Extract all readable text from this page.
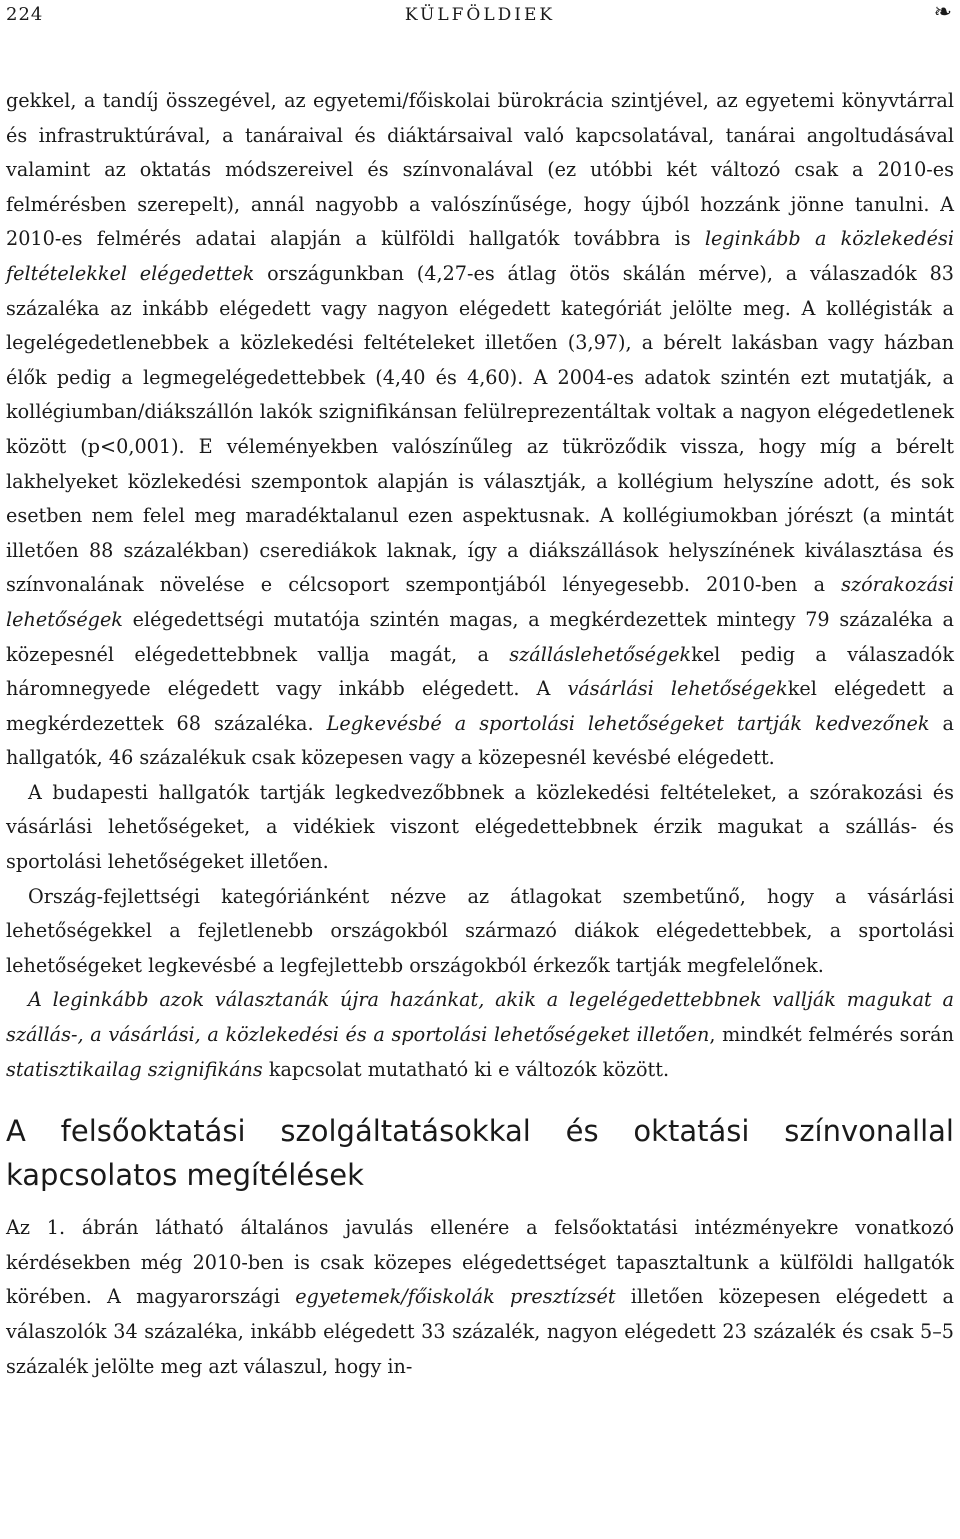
224	KÜLFÖLDIEK	❧

gekkel, a tandíj összegével, az egyetemi/főiskolai bürokrácia szintjével, az egyetemi könyvtárral és infrastruktúrával, a tanáraival és diáktársaival való kapcsolatával, tanárai angoltudásával valamint az oktatás módszereivel és színvonalával (ez utóbbi két változó csak a 2010-es felmérésben szerepelt), annál nagyobb a valószínűsége, hogy újból hozzánk jönne tanulni. A 2010-es felmérés adatai alapján a külföldi hallgatók továbbra is leginkább a közlekedési feltételekkel elégedettek országunkban (4,27-es átlag ötös skálán mérve), a válaszadók 83 százaléka az inkább elégedett vagy nagyon elégedett kategóriát jelölte meg. A kollégisták a legelégedetlenebbek a közlekedési feltételeket illetően (3,97), a bérelt lakásban vagy házban élők pedig a legmegelégedettebbek (4,40 és 4,60). A 2004-es adatok szintén ezt mutatják, a kollégiumban/diákszállón lakók szignifikánsan felülreprezentáltak voltak a nagyon elégedetlenek között (p<0,001). E véleményekben valószínűleg az tükröződik vissza, hogy míg a bérelt lakhelyeket közlekedési szempontok alapján is választják, a kollégium helyszíne adott, és sok esetben nem felel meg maradéktalanul ezen aspektusnak. A kollégiumokban jórészt (a mintát illetően 88 százalékban) cserediákok laknak, így a diákszállások helyszínének kiválasztása és színvonalának növelése e célcsoport szempontjából lényegesebb. 2010-ben a szórakozási lehetőségek elégedettségi mutatója szintén magas, a megkérdezettek mintegy 79 százaléka a közepesnél elégedettebbnek vallja magát, a szálláslehetőségekkel pedig a válaszadók háromnegyede elégedett vagy inkább elégedett. A vásárlási lehetőségekkel elégedett a megkérdezettek 68 százaléka. Legkevésbé a sportolási lehetőségeket tartják kedvezőnek a hallgatók, 46 százalékuk csak közepesen vagy a közepesnél kevésbé elégedett.

A budapesti hallgatók tartják legkedvezőbbnek a közlekedési feltételeket, a szórakozási és vásárlási lehetőségeket, a vidékiek viszont elégedettebbnek érzik magukat a szállás- és sportolási lehetőségeket illetően.

Ország-fejlettségi kategóriánként nézve az átlagokat szembetűnő, hogy a vásárlási lehetőségekkel a fejletlenebb országokból származó diákok elégedettebbek, a sportolási lehetőségeket legkevésbé a legfejlettebb országokból érkezők tartják megfelelőnek.

A leginkább azok választanák újra hazánkat, akik a legelégedettebbnek vallják magukat a szállás-, a vásárlási, a közlekedési és a sportolási lehetőségeket illetően, mindkét felmérés során statisztikailag szignifikáns kapcsolat mutatható ki e változók között.

A felsőoktatási szolgáltatásokkal és oktatási színvonallal kapcsolatos megítélések

Az 1. ábrán látható általános javulás ellenére a felsőoktatási intézményekre vonatkozó kérdésekben még 2010-ben is csak közepes elégedettséget tapasztaltunk a külföldi hallgatók körében. A magyarországi egyetemek/főiskolák presztízsét illetően közepesen elégedett a válaszolók 34 százaléka, inkább elégedett 33 százalék, nagyon elégedett 23 százalék és csak 5–5 százalék jelölte meg azt válaszul, hogy in-
